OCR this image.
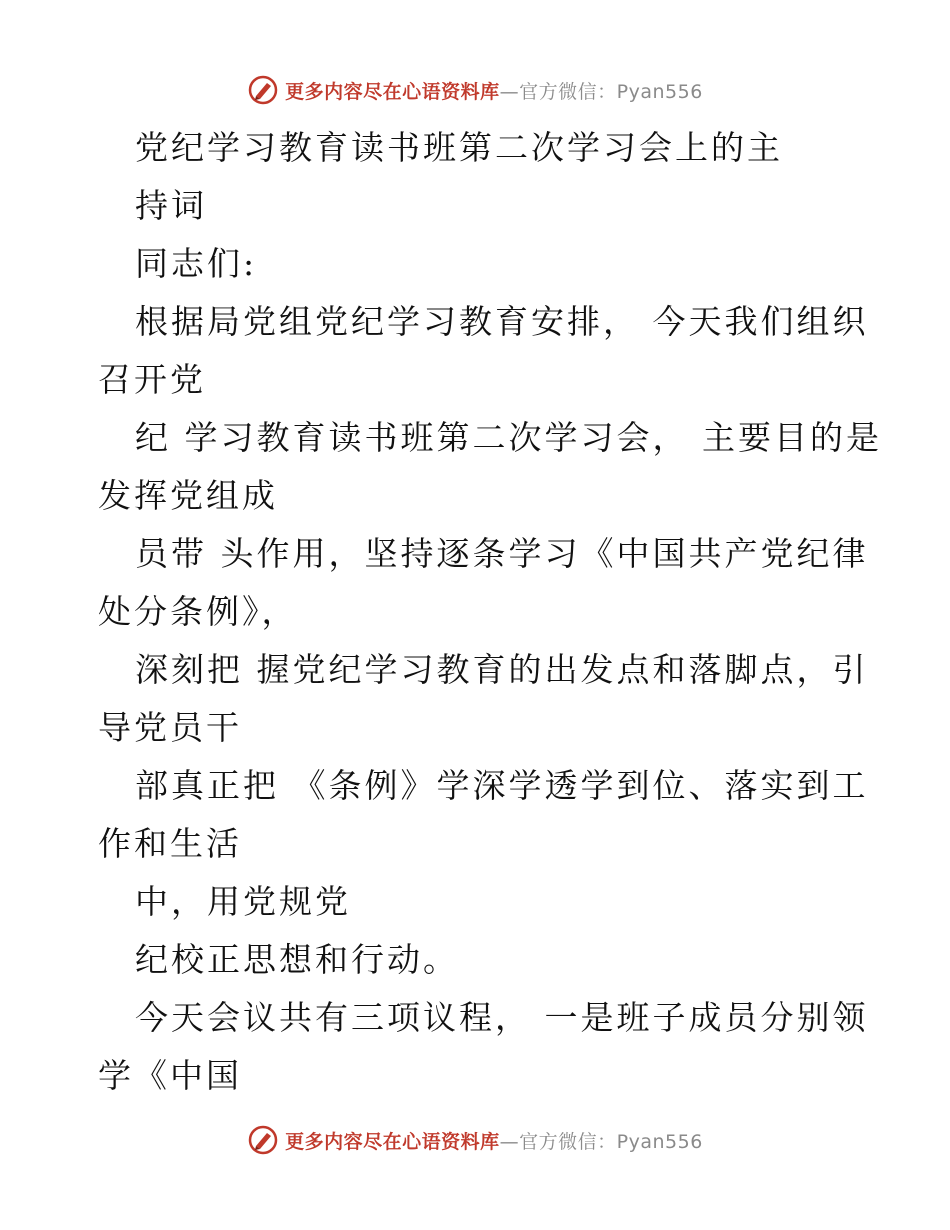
更多内容尽在心语资料库—官方微信：Pyan556
党纪学习教育读书班第二次学习会上的主
持词
同志们:
根据局党组党纪学习教育安排， 今天我们组织
召开党
纪 学习教育读书班第二次学习会， 主要目的是
发挥党组成
员带 头作用，坚持逐条学习《中国共产党纪律
处分条例》，
深刻把 握党纪学习教育的出发点和落脚点，引
导党员干
部真正把 《条例》学深学透学到位、落实到工
作和生活
中，用党规党
纪校正思想和行动。
今天会议共有三项议程， 一是班子成员分别领
学《中国
更多内容尽在心语资料库—官方微信：Pyan556
